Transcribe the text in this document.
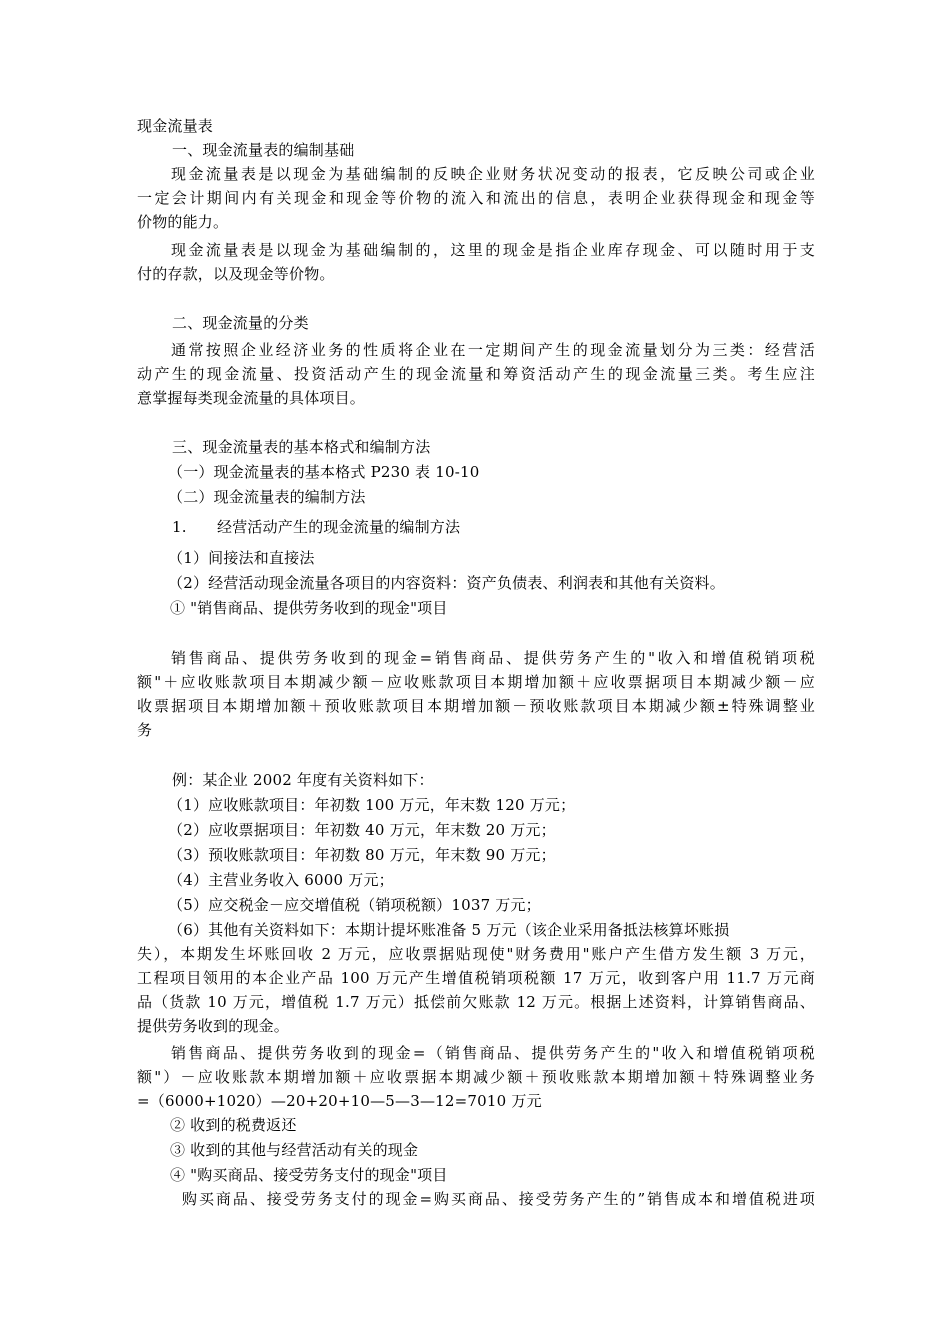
现金流量表
一、现金流量表的编制基础
现金流量表是以现金为基础编制的反映企业财务状况变动的报表，它反映公司或企业
一定会计期间内有关现金和现金等价物的流入和流出的信息，表明企业获得现金和现金等
价物的能力。
现金流量表是以现金为基础编制的，这里的现金是指企业库存现金、可以随时用于支
付的存款，以及现金等价物。
二、现金流量的分类
通常按照企业经济业务的性质将企业在一定期间产生的现金流量划分为三类：经营活
动产生的现金流量、投资活动产生的现金流量和筹资活动产生的现金流量三类。考生应注
意掌握每类现金流量的具体项目。
三、现金流量表的基本格式和编制方法
（一）现金流量表的基本格式 P230 表 10-10
（二）现金流量表的编制方法
1. 经营活动产生的现金流量的编制方法
（1）间接法和直接法
（2）经营活动现金流量各项目的内容资料：资产负债表、利润表和其他有关资料。
① "销售商品、提供劳务收到的现金"项目
销售商品、提供劳务收到的现金=销售商品、提供劳务产生的"收入和增值税销项税
额"＋应收账款项目本期减少额－应收账款项目本期增加额＋应收票据项目本期减少额－应
收票据项目本期增加额＋预收账款项目本期增加额－预收账款项目本期减少额±特殊调整业
务
例：某企业 2002 年度有关资料如下：
（1）应收账款项目：年初数 100 万元，年末数 120 万元；
（2）应收票据项目：年初数 40 万元，年末数 20 万元；
（3）预收账款项目：年初数 80 万元，年末数 90 万元；
（4）主营业务收入 6000 万元；
（5）应交税金－应交增值税（销项税额）1037 万元；
（6）其他有关资料如下：本期计提坏账准备 5 万元（该企业采用备抵法核算坏账损
失），本期发生坏账回收 2 万元，应收票据贴现使"财务费用"账户产生借方发生额 3 万元，
工程项目领用的本企业产品 100 万元产生增值税销项税额 17 万元，收到客户用 11.7 万元商
品（货款 10 万元，增值税 1.7 万元）抵偿前欠账款 12 万元。根据上述资料，计算销售商品、
提供劳务收到的现金。
销售商品、提供劳务收到的现金=（销售商品、提供劳务产生的"收入和增值税销项税
额"）－应收账款本期增加额＋应收票据本期减少额＋预收账款本期增加额＋特殊调整业务
=（6000+1020）—20+20+10—5—3—12=7010 万元
② 收到的税费返还
③ 收到的其他与经营活动有关的现金
④ "购买商品、接受劳务支付的现金"项目
购买商品、接受劳务支付的现金=购买商品、接受劳务产生的”销售成本和增值税进项
